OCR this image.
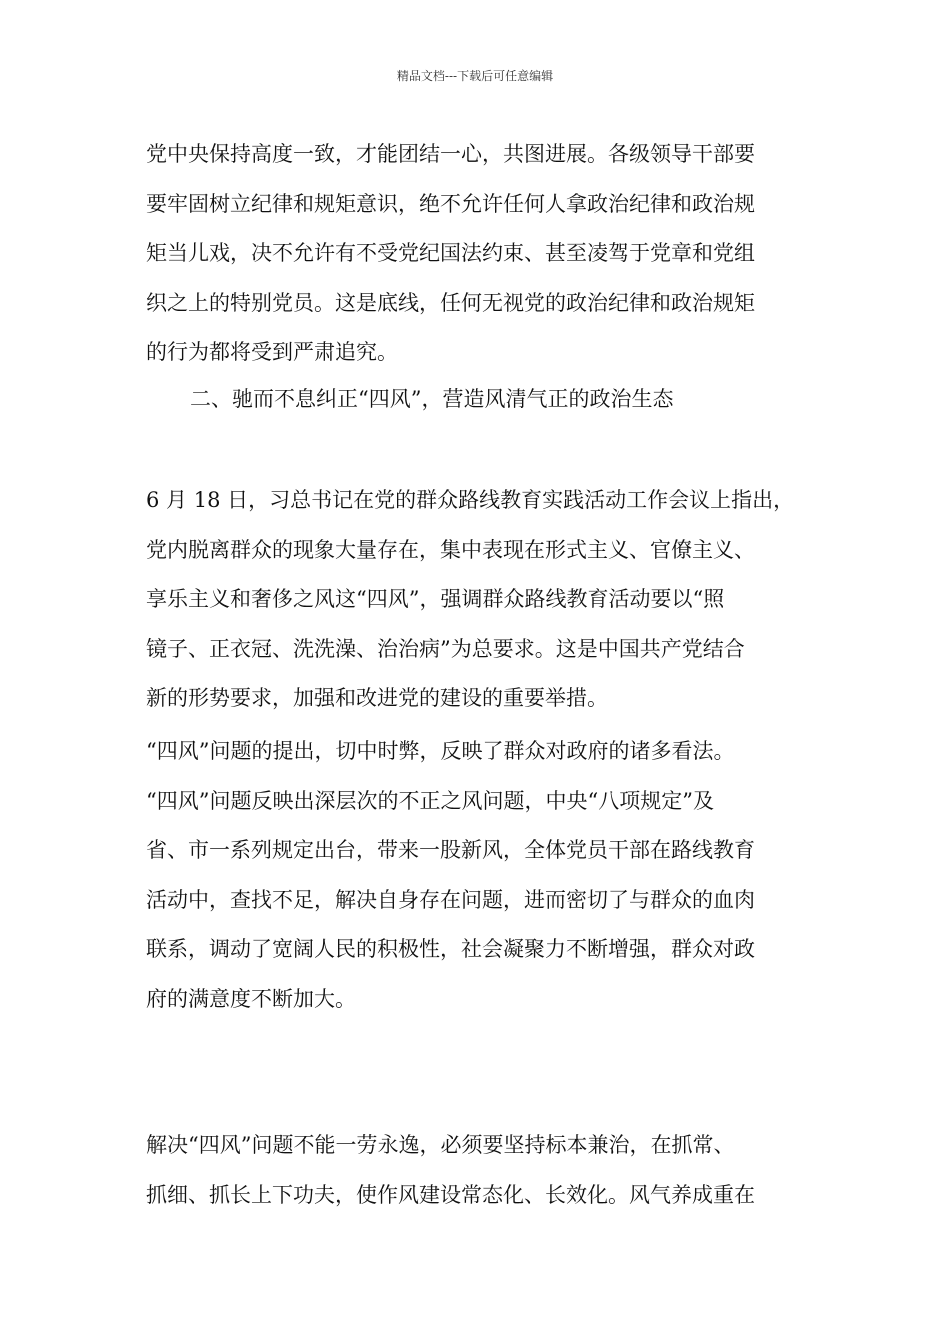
精品文档---下载后可任意编辑

党中央保持高度一致，才能团结一心，共图进展。各级领导干部要
要牢固树立纪律和规矩意识，绝不允许任何人拿政治纪律和政治规
矩当儿戏，决不允许有不受党纪国法约束、甚至凌驾于党章和党组
织之上的特别党员。这是底线，任何无视党的政治纪律和政治规矩
的行为都将受到严肃追究。

二、驰而不息纠正“四风”，营造风清气正的政治生态

6 月 18 日，习总书记在党的群众路线教育实践活动工作会议上指出，
党内脱离群众的现象大量存在，集中表现在形式主义、官僚主义、
享乐主义和奢侈之风这“四风”，强调群众路线教育活动要以“照
镜子、正衣冠、洗洗澡、治治病”为总要求。这是中国共产党结合
新的形势要求，加强和改进党的建设的重要举措。

“四风”问题的提出，切中时弊，反映了群众对政府的诸多看法。
“四风”问题反映出深层次的不正之风问题，中央“八项规定”及
省、市一系列规定出台，带来一股新风，全体党员干部在路线教育
活动中，查找不足，解决自身存在问题，进而密切了与群众的血肉
联系，调动了宽阔人民的积极性，社会凝聚力不断增强，群众对政
府的满意度不断加大。

解决“四风”问题不能一劳永逸，必须要坚持标本兼治，在抓常、
抓细、抓长上下功夫，使作风建设常态化、长效化。风气养成重在
